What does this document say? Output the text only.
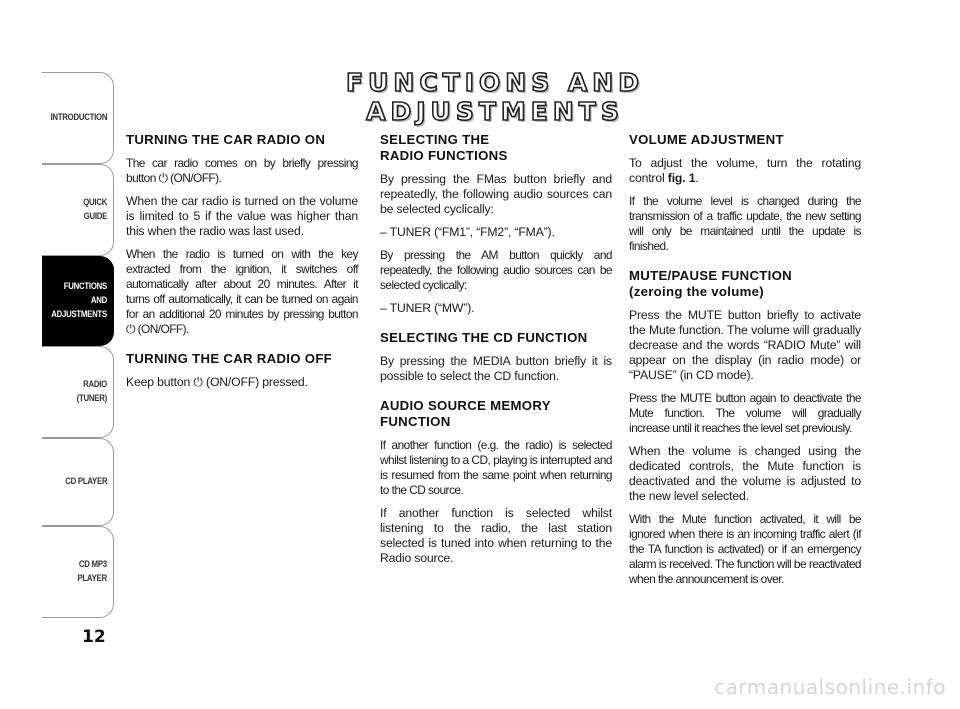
INTRODUCTION
QUICK
GUIDE
FUNCTIONS
AND
ADJUSTMENTS
RADIO
(TUNER)
CD PLAYER
CD MP3
PLAYER
12
FUNCTIONS AND ADJUSTMENTS
TURNING THE CAR RADIO ON

The car radio comes on by briefly pressing button ⏻ (ON/OFF).

When the car radio is turned on the volume is limited to 5 if the value was higher than this when the radio was last used.

When the radio is turned on with the key extracted from the ignition, it switches off automatically after about 20 minutes. After it turns off automatically, it can be turned on again for an additional 20 minutes by pressing button ⏻ (ON/OFF).

TURNING THE CAR RADIO OFF

Keep button ⏻ (ON/OFF) pressed.

SELECTING THE
RADIO FUNCTIONS

By pressing the FMas button briefly and repeatedly, the following audio sources can be selected cyclically:

– TUNER (“FM1”, “FM2”, “FMA”).

By pressing the AM button quickly and repeatedly, the following audio sources can be selected cyclically:

– TUNER (“MW”).

SELECTING THE CD FUNCTION

By pressing the MEDIA button briefly it is possible to select the CD function.

AUDIO SOURCE MEMORY
FUNCTION

If another function (e.g. the radio) is selected whilst listening to a CD, playing is interrupted and is resumed from the same point when returning to the CD source.

If another function is selected whilst listening to the radio, the last station selected is tuned into when returning to the Radio source.

VOLUME ADJUSTMENT

To adjust the volume, turn the rotating control fig. 1.

If the volume level is changed during the transmission of a traffic update, the new setting will only be maintained until the update is finished.

MUTE/PAUSE FUNCTION
(zeroing the volume)

Press the MUTE button briefly to activate the Mute function. The volume will gradually decrease and the words “RADIO Mute” will appear on the display (in radio mode) or “PAUSE” (in CD mode).

Press the MUTE button again to deactivate the Mute function. The volume will gradually increase until it reaches the level set previously.

When the volume is changed using the dedicated controls, the Mute function is deactivated and the volume is adjusted to the new level selected.

With the Mute function activated, it will be ignored when there is an incoming traffic alert (if the TA function is activated) or if an emergency alarm is received. The function will be reactivated when the announcement is over.

carmanualsonline.info
